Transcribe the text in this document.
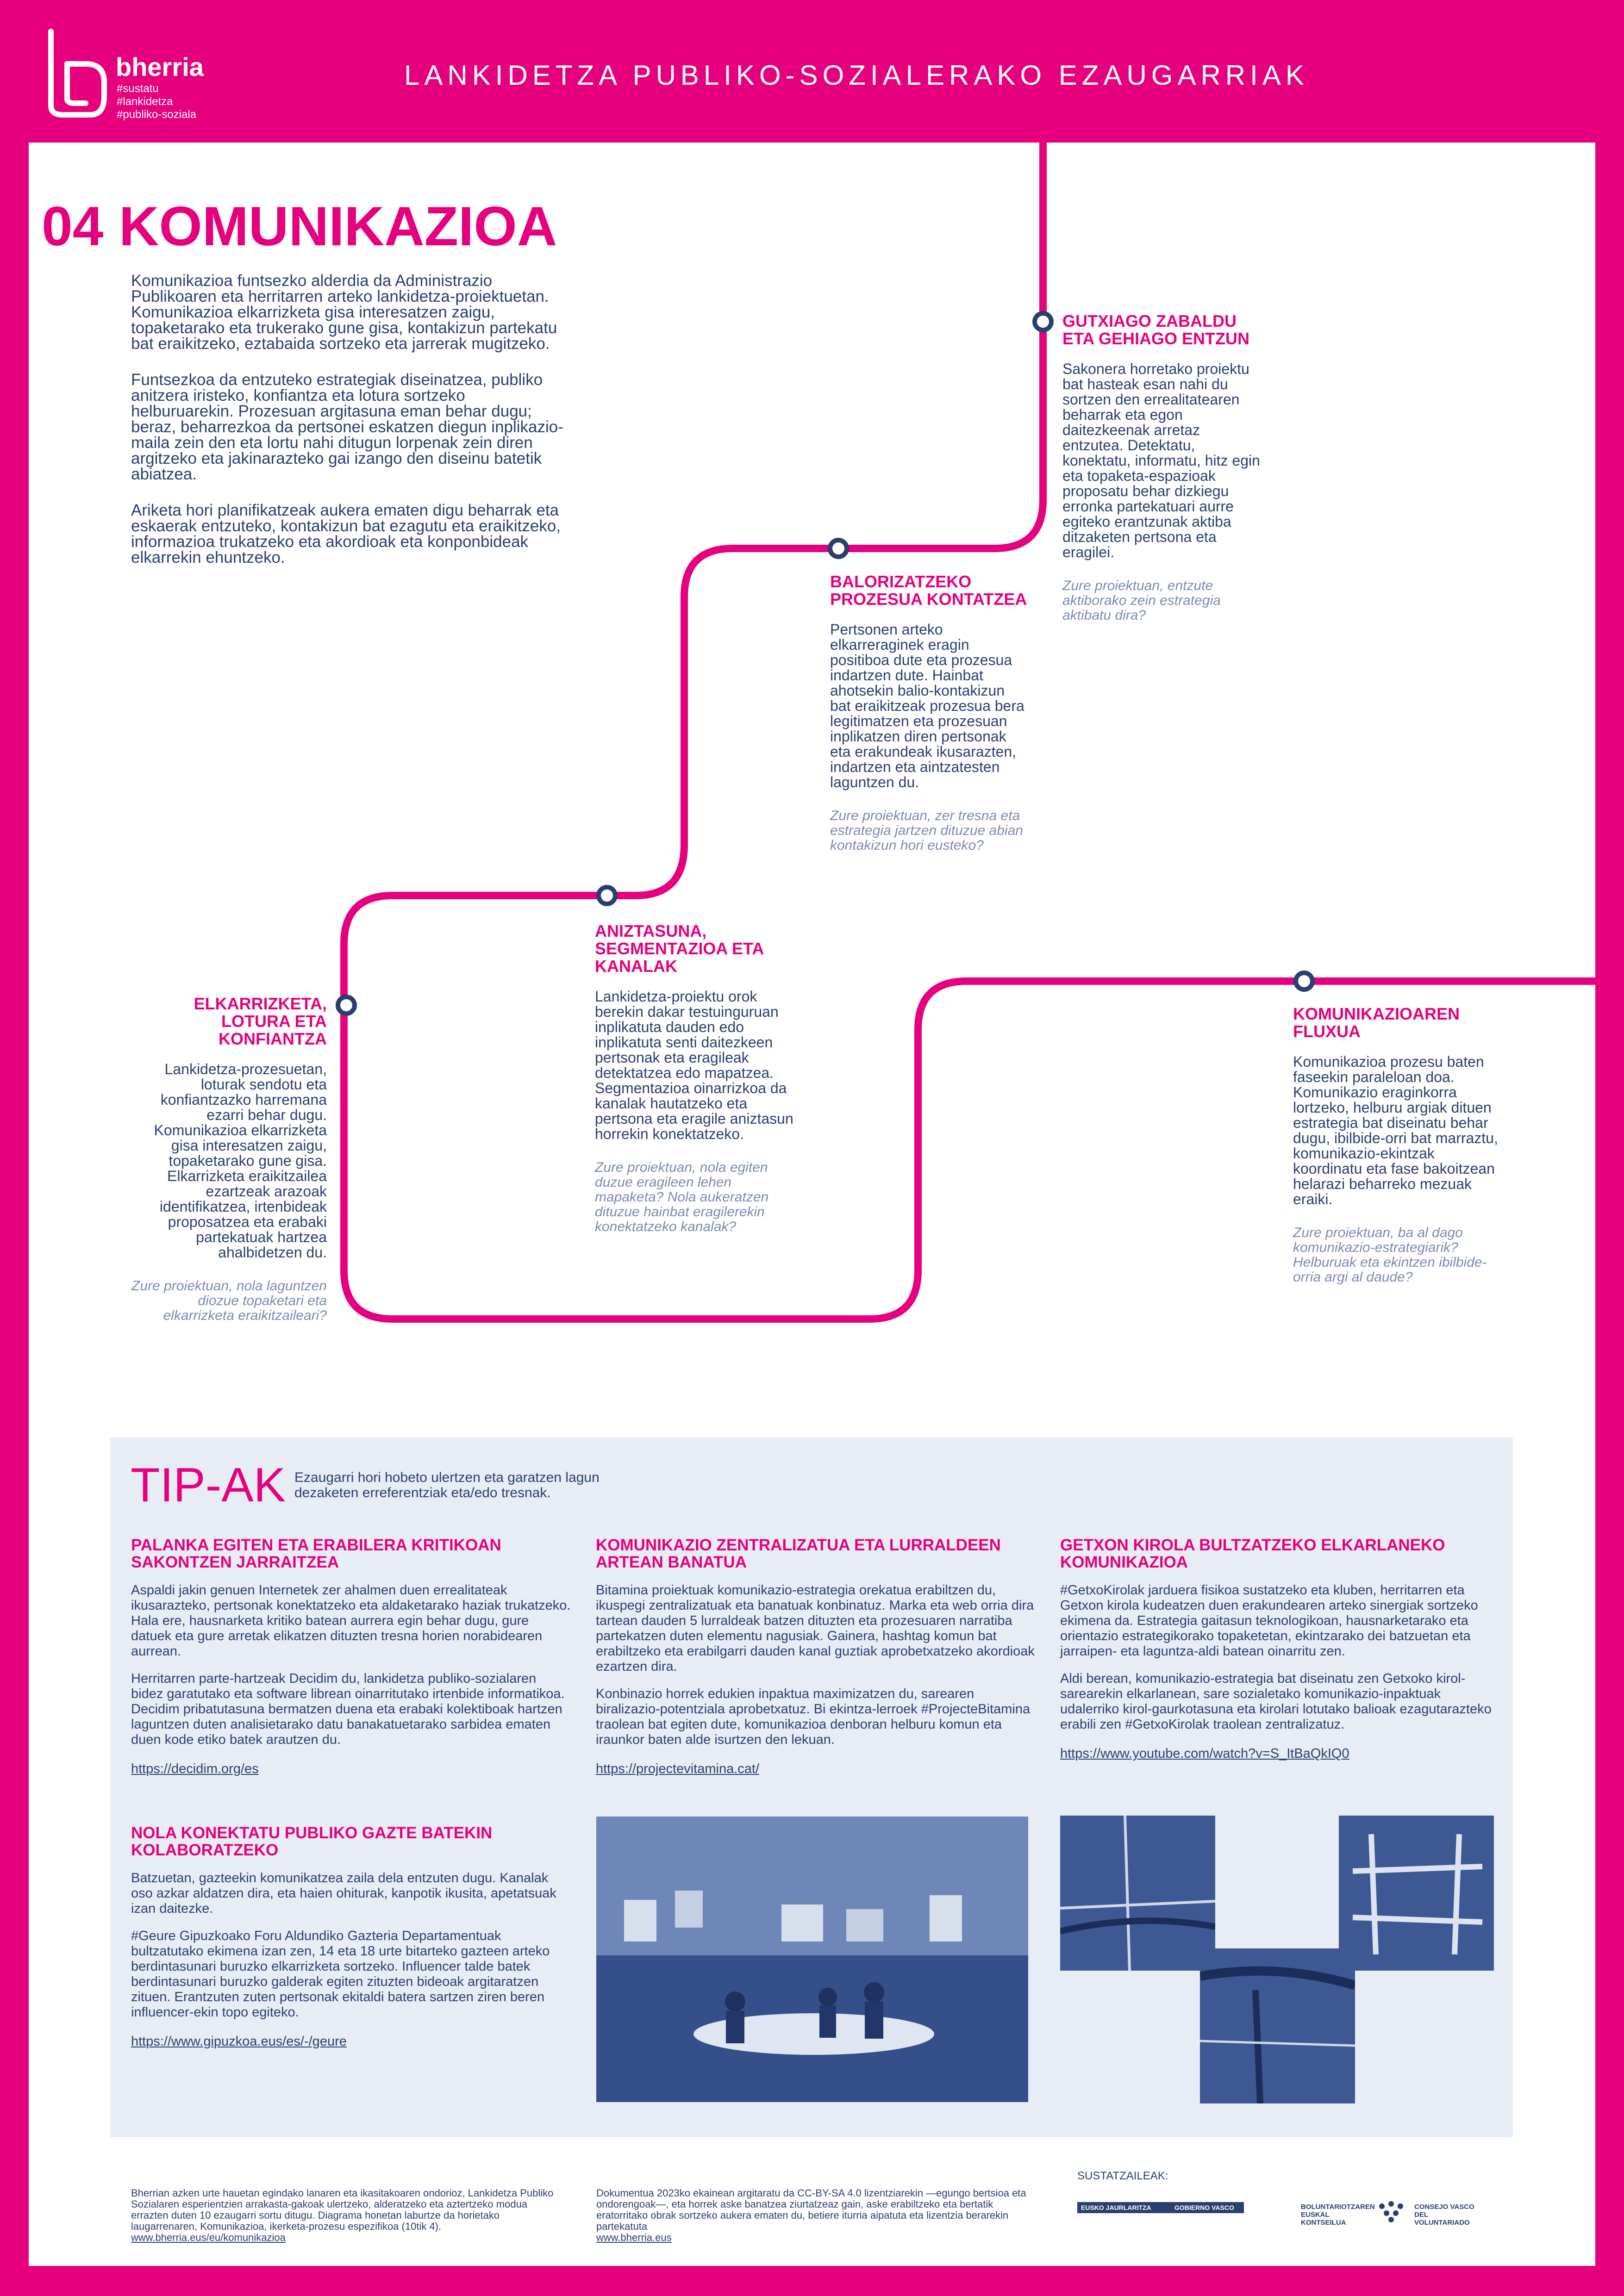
bherria
#sustatu
#lankidetza
#publiko-soziala
LANKIDETZA PUBLIKO-SOZIALERAKO EZAUGARRIAK
04 KOMUNIKAZIOA

Komunikazioa funtsezko alderdia da Administrazio Publikoaren eta herritarren arteko lankidetza-proiektuetan. Komunikazioa elkarrizketa gisa interesatzen zaigu, topaketarako eta trukerako gune gisa, kontakizun partekatu bat eraikitzeko, eztabaida sortzeko eta jarrerak mugitzeko.

Funtsezkoa da entzuteko estrategiak diseinatzea, publiko anitzera iristeko, konfiantza eta lotura sortzeko helburuarekin. Prozesuan argitasuna eman behar dugu; beraz, beharrezkoa da pertsonei eskatzen diegun inplikazio-maila zein den eta lortu nahi ditugun lorpenak zein diren argitzeko eta jakinarazteko gai izango den diseinu batetik abiatzea.

Ariketa hori planifikatzeak aukera ematen digu beharrak eta eskaerak entzuteko, kontakizun bat ezagutu eta eraikitzeko, informazioa trukatzeko eta akordioak eta konponbideak elkarrekin ehuntzeko.

GUTXIAGO ZABALDU ETA GEHIAGO ENTZUN

Sakonera horretako proiektu bat hasteak esan nahi du sortzen den errealitatearen beharrak eta egon daitezkeenak arretaz entzutea. Detektatu, konektatu, informatu, hitz egin eta topaketa-espazioak proposatu behar dizkiegu erronka partekatuari aurre egiteko erantzunak aktiba ditzaketen pertsona eta eragilei.

Zure proiektuan, entzute aktiborako zein estrategia aktibatu dira?

BALORIZATZEKO PROZESUA KONTATZEA

Pertsonen arteko elkarreraginek eragin positiboa dute eta prozesua indartzen dute. Hainbat ahotsekin balio-kontakizun bat eraikitzeak prozesua bera legitimatzen eta prozesuan inplikatzen diren pertsonak eta erakundeak ikusarazten, indartzen eta aintzatesten laguntzen du.

Zure proiektuan, zer tresna eta estrategia jartzen dituzue abian kontakizun hori eusteko?

ANIZTASUNA, SEGMENTAZIOA ETA KANALAK

Lankidetza-proiektu orok berekin dakar testuinguruan inplikatuta dauden edo inplikatuta senti daitezkeen pertsonak eta eragileak detektatzea edo mapatzea. Segmentazioa oinarrizkoa da kanalak hautatzeko eta pertsona eta eragile aniztasun horrekin konektatzeko.

Zure proiektuan, nola egiten duzue eragileen lehen mapaketa? Nola aukeratzen dituzue hainbat eragilerekin konektatzeko kanalak?

ELKARRIZKETA, LOTURA ETA KONFIANTZA

Lankidetza-prozesuetan, loturak sendotu eta konfiantzazko harremana ezarri behar dugu. Komunikazioa elkarrizketa gisa interesatzen zaigu, topaketarako gune gisa. Elkarrizketa eraikitzailea ezartzeak arazoak identifikatzea, irtenbideak proposatzea eta erabaki partekatuak hartzea ahalbidetzen du.

Zure proiektuan, nola laguntzen diozue topaketari eta elkarrizketa eraikitzaileari?

KOMUNIKAZIOAREN FLUXUA

Komunikazioa prozesu baten faseekin paraleloan doa. Komunikazio eraginkorra lortzeko, helburu argiak dituen estrategia bat diseinatu behar dugu, ibilbide-orri bat marraztu, komunikazio-ekintzak koordinatu eta fase bakoitzean helarazi beharreko mezuak eraiki.

Zure proiektuan, ba al dago komunikazio-estrategiarik? Helburuak eta ekintzen ibilbide-orria argi al daude?

TIP-AK Ezaugarri hori hobeto ulertzen eta garatzen lagun dezaketen erreferentziak eta/edo tresnak.

PALANKA EGITEN ETA ERABILERA KRITIKOAN SAKONTZEN JARRAITZEA

Aspaldi jakin genuen Internetek zer ahalmen duen errealitateak ikusarazteko, pertsonak konektatzeko eta aldaketarako haziak trukatzeko. Hala ere, hausnarketa kritiko batean aurrera egin behar dugu, gure datuek eta gure arretak elikatzen dituzten tresna horien norabidearen aurrean.

Herritarren parte-hartzeak Decidim du, lankidetza publiko-sozialaren bidez garatutako eta software librean oinarritutako irtenbide informatikoa. Decidim pribatutasuna bermatzen duena eta erabaki kolektiboak hartzen laguntzen duten analisietarako datu banakatuetarako sarbidea ematen duen kode etiko batek arautzen du.

https://decidim.org/es

NOLA KONEKTATU PUBLIKO GAZTE BATEKIN KOLABORATZEKO

Batzuetan, gazteekin komunikatzea zaila dela entzuten dugu. Kanalak oso azkar aldatzen dira, eta haien ohiturak, kanpotik ikusita, apetatsuak izan daitezke.

#Geure Gipuzkoako Foru Aldundiko Gazteria Departamentuak bultzatutako ekimena izan zen, 14 eta 18 urte bitarteko gazteen arteko berdintasunari buruzko elkarrizketa sortzeko. Influencer talde batek berdintasunari buruzko galderak egiten zituzten bideoak argitaratzen zituen. Erantzuten zuten pertsonak ekitaldi batera sartzen ziren beren influencer-ekin topo egiteko.

https://www.gipuzkoa.eus/es/-/geure

KOMUNIKAZIO ZENTRALIZATUA ETA LURRALDEEN ARTEAN BANATUA

Bitamina proiektuak komunikazio-estrategia orekatua erabiltzen du, ikuspegi zentralizatuak eta banatuak konbinatuz. Marka eta web orria dira tartean dauden 5 lurraldeak batzen dituzten eta prozesuaren narratiba partekatzen duten elementu nagusiak. Gainera, hashtag komun bat erabiltzeko eta erabilgarri dauden kanal guztiak aprobetxatzeko akordioak ezartzen dira.

Konbinazio horrek edukien inpaktua maximizatzen du, sarearen biralizazio-potentziala aprobetxatuz. Bi ekintza-lerroek #ProjecteBitamina traolean bat egiten dute, komunikazioa denboran helburu komun eta iraunkor baten alde isurtzen den lekuan.

https://projectevitamina.cat/

GETXON KIROLA BULTZATZEKO ELKARLANEKO KOMUNIKAZIOA

#GetxoKirolak jarduera fisikoa sustatzeko eta kluben, herritarren eta Getxon kirola kudeatzen duen erakundearen arteko sinergiak sortzeko ekimena da. Estrategia gaitasun teknologikoan, hausnarketarako eta orientazio estrategikorako topaketetan, ekintzarako dei batzuetan eta jarraipen- eta laguntza-aldi batean oinarritu zen.

Aldi berean, komunikazio-estrategia bat diseinatu zen Getxoko kirol-sarearekin elkarlanean, sare sozialetako komunikazio-inpaktuak udalerriko kirol-gaurkotasuna eta kirolari lotutako balioak ezagutarazteko erabili zen #GetxoKirolak traolean zentralizatuz.

https://www.youtube.com/watch?v=S_ItBaQkIQ0

Bherrian azken urte hauetan egindako lanaren eta ikasitakoaren ondorioz, Lankidetza Publiko Sozialaren esperientzien arrakasta-gakoak ulertzeko, alderatzeko eta aztertzeko modua errazten duten 10 ezaugarri sortu ditugu. Diagrama honetan laburtze da horietako laugarrenaren, Komunikazioa, ikerketa-prozesu espezifikoa (10tik 4).
www.bherria.eus/eu/komunikazioa
Dokumentua 2023ko ekainean argitaratu da CC-BY-SA 4.0 lizentziarekin —egungo bertsioa eta ondorengoak—, eta horrek aske banatzea ziurtatzeaz gain, aske erabiltzeko eta bertatik eratorritako obrak sortzeko aukera ematen du, betiere iturria aipatuta eta lizentzia berarekin partekatuta
www.bherria.eus
SUSTATZAILEAK:
EUSKO JAURLARITZA	GOBIERNO VASCO	BOLUNTARIOTZAREN EUSKAL KONTSEILUA
CONSEJO VASCO DEL VOLUNTARIADO
